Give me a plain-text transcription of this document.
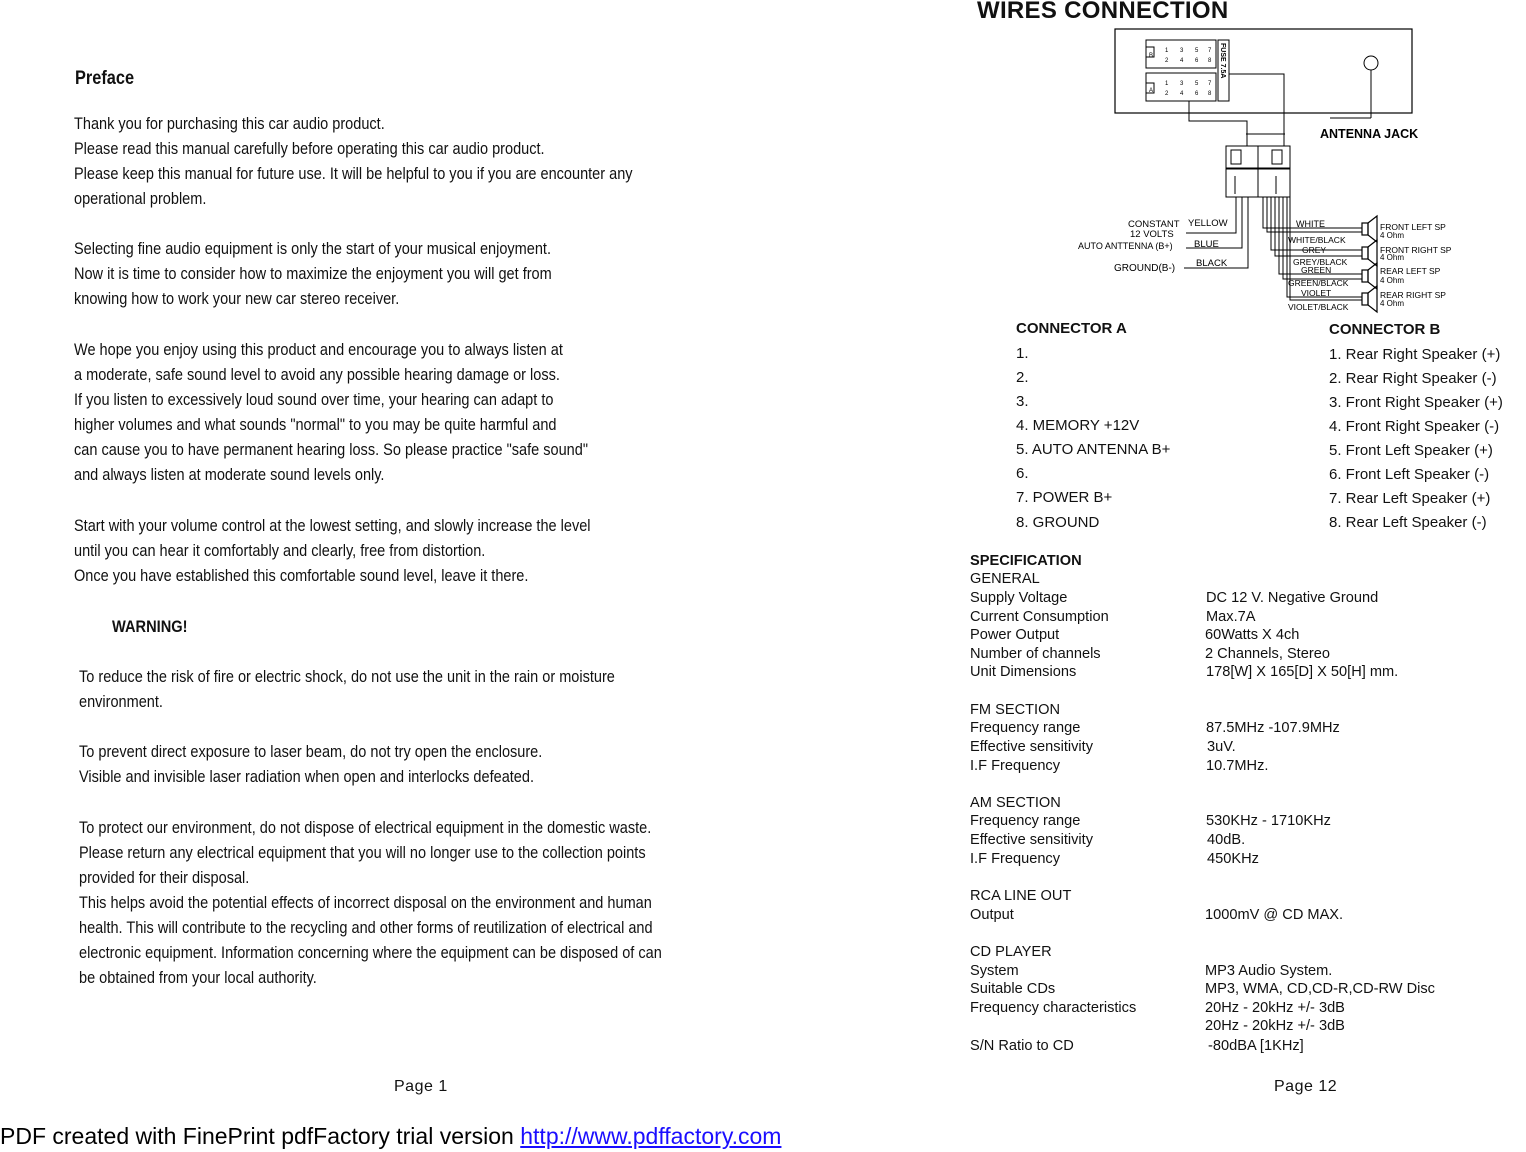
Preface
Thank you for purchasing this car audio product.
Please read this manual carefully before operating this car audio product.
Please keep this manual for future use. It will be helpful to you if you are encounter any
operational problem.
Selecting fine audio equipment is only the start of your musical enjoyment.
Now it is time to consider how to maximize the enjoyment you will get from
knowing how to work your new car stereo receiver.
We hope you enjoy using this product and encourage you to always listen at
a moderate, safe sound level to avoid any possible hearing damage or loss.
If you listen to excessively loud sound over time, your hearing can adapt to
higher volumes and what sounds "normal" to you may be quite harmful and
can cause you to have permanent hearing loss. So please practice "safe sound"
and always listen at moderate sound levels only.
Start with your volume control at the lowest setting, and slowly increase the level
until you can hear it comfortably and clearly, free from distortion.
Once you have established this comfortable sound level, leave it there.
WARNING!
To reduce the risk of fire or electric shock, do not use the unit in the rain or moisture
environment.
To prevent direct exposure to laser beam, do not try open the enclosure.
Visible and invisible laser radiation when open and interlocks defeated.
To protect our environment, do not dispose of electrical equipment in the domestic waste.
Please return any electrical equipment that you will no longer use to the collection points
provided for their disposal.
This helps avoid the potential effects of incorrect disposal on the environment and human
health. This will contribute to the recycling and other forms of reutilization of electrical and
electronic equipment. Information concerning where the equipment can be disposed of can
be obtained from your local authority.
Page 1
WIRES CONNECTION
B
A
1 3 5 7
2 4 6 8
1 3 5 7
2 4 6 8
FUSE 7.5A
ANTENNA JACK
CONSTANT
12 VOLTS
YELLOW
AUTO ANTTENNA (B+) BLUE
GROUND(B-) BLACK
WHITE
WHITE/BLACK
GREY
GREY/BLACK
GREEN
GREEN/BLACK
VIOLET
VIOLET/BLACK
FRONT LEFT SP
4 Ohm
FRONT RIGHT SP
4 Ohm
REAR LEFT SP
4 Ohm
REAR RIGHT SP
4 Ohm
CONNECTOR A
1.
2.
3.
4. MEMORY +12V
5. AUTO ANTENNA B+
6.
7. POWER B+
8. GROUND
CONNECTOR B
1. Rear Right Speaker (+)
2. Rear Right Speaker (-)
3. Front Right Speaker (+)
4. Front Right Speaker (-)
5. Front Left Speaker (+)
6. Front Left Speaker (-)
7. Rear Left Speaker (+)
8. Rear Left Speaker (-)
SPECIFICATION
GENERAL
Supply Voltage	DC 12 V. Negative Ground
Current Consumption	Max.7A
Power Output	60Watts X 4ch
Number of channels	2 Channels, Stereo
Unit Dimensions	178[W] X 165[D] X 50[H] mm.
FM SECTION
Frequency range	87.5MHz -107.9MHz
Effective sensitivity	3uV.
I.F Frequency	10.7MHz.
AM SECTION
Frequency range	530KHz - 1710KHz
Effective sensitivity	40dB.
I.F Frequency	450KHz
RCA LINE OUT
Output	1000mV @ CD MAX.
CD PLAYER
System	MP3 Audio System.
Suitable CDs	MP3, WMA, CD,CD-R,CD-RW Disc
Frequency characteristics	20Hz - 20kHz +/- 3dB
20Hz - 20kHz +/- 3dB
S/N Ratio to CD	-80dBA [1KHz]
Page 12
PDF created with FinePrint pdfFactory trial version http://www.pdffactory.com
